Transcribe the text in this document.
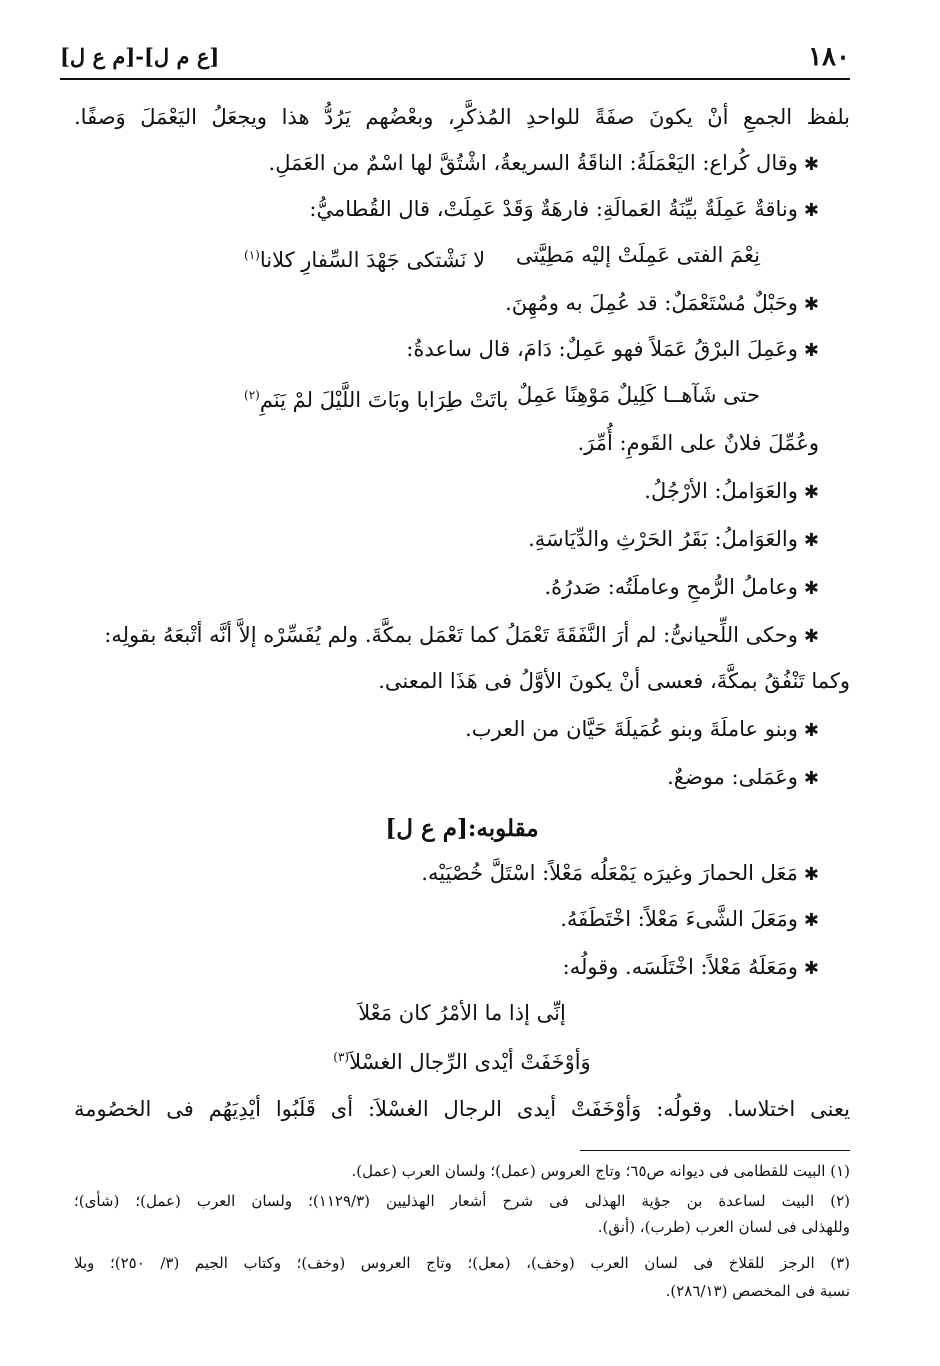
١٨٠
[ع م ل]-[م ع ل]
بلفظ الجمعِ أنْ يكونَ صفَةً للواحدِ المُذكَّرِ، وبعْضُهم يَرُدُّ هذا ويجعَلُ اليَعْمَلَ وَصفًا.
✱وقال كُراع: اليَعْمَلَةُ: الناقَةُ السريعةُ، اشْتُقَّ لها اسْمٌ من العَمَلِ.
✱وناقةٌ عَمِلَةٌ بيِّنَةُ العَمالَةِ: فارهَةٌ وَقَدْ عَمِلَتْ، قال القُطاميُّ:
نِعْمَ الفتى عَمِلَتْ إليْه مَطِيَّتى
لا نَشْتكى جَهْدَ السِّفارِ كلانا$^{(١)}$
✱وحَبْلٌ مُسْتَعْمَلٌ: قد عُمِلَ به ومُهِنَ.
✱وعَمِلَ البرْقُ عَمَلاً فهو عَمِلٌ: دَامَ، قال ساعدةُ:
حتى شَآهــا كَلِيلٌ مَوْهِنًا عَمِلٌ
باتَتْ طِرَابا وبَاتَ اللَّيْلَ لمْ يَنَمِ$^{(٢)}$
وعُمِّلَ فلانٌ على القَومِ: أُمِّرَ.
✱والعَوَاملُ: الأرْجُلُ.
✱والعَوَاملُ: بَقَرُ الحَرْثِ والدِّيَاسَةِ.
✱وعاملُ الرُّمحِ وعاملَتُه: صَدرُهُ.
✱وحكى اللِّحيانىُّ: لم أرَ النَّفَقَةَ تَعْمَلُ كما تَعْمَل بمكَّةَ. ولم يُفَسِّرْه إلاَّ أنَّه أتْبعَهُ بقولِه:
وكما تَنْفُقُ بمكَّةَ، فعسى أنْ يكونَ الأوَّلُ فى هَذَا المعنى.
✱وبنو عاملَةَ وبنو عُمَيلَةَ حَيَّان من العرب.
✱وعَمَلى: موضعٌ.
مقلوبه:[م ع ل]
✱مَعَل الحمارَ وغيرَه يَمْعَلُه مَعْلاً: اسْتَلَّ خُصْيَيْه.
✱ومَعَلَ الشَّىءَ مَعْلاً: اخْتَطَفَهُ.
✱ومَعَلَهُ مَعْلاً: اخْتَلَسَه. وقولُه:
إنِّى إذا ما الأمْرُ كان مَعْلاَ
وَأوْخَفَتْ أيْدى الرِّجال الغسْلاَ$^{(٣)}$
يعنى اختلاسا. وقولُه: وَأوْخَفَتْ أيدى الرجال الغسْلاَ: أى قَلَبُوا أيْدِيَهُم فى الخصُومة
(١) البيت للقطامى فى ديوانه ص٦٥؛ وتاج العروس (عمل)؛ ولسان العرب (عمل).
(٢) البيت لساعدة بن جؤية الهذلى فى شرح أشعار الهذليين (١١٢٩/٣)؛ ولسان العرب (عمل)؛ (شأى)؛
وللهذلى فى لسان العرب (طرب)، (أنق).
(٣) الرجز للقلاخ فى لسان العرب (وخف)، (معل)؛ وتاج العروس (وخف)؛ وكتاب الجيم (٣/ ٢٥٠)؛ وبلا
نسبة فى المخصص (٢٨٦/١٣).
